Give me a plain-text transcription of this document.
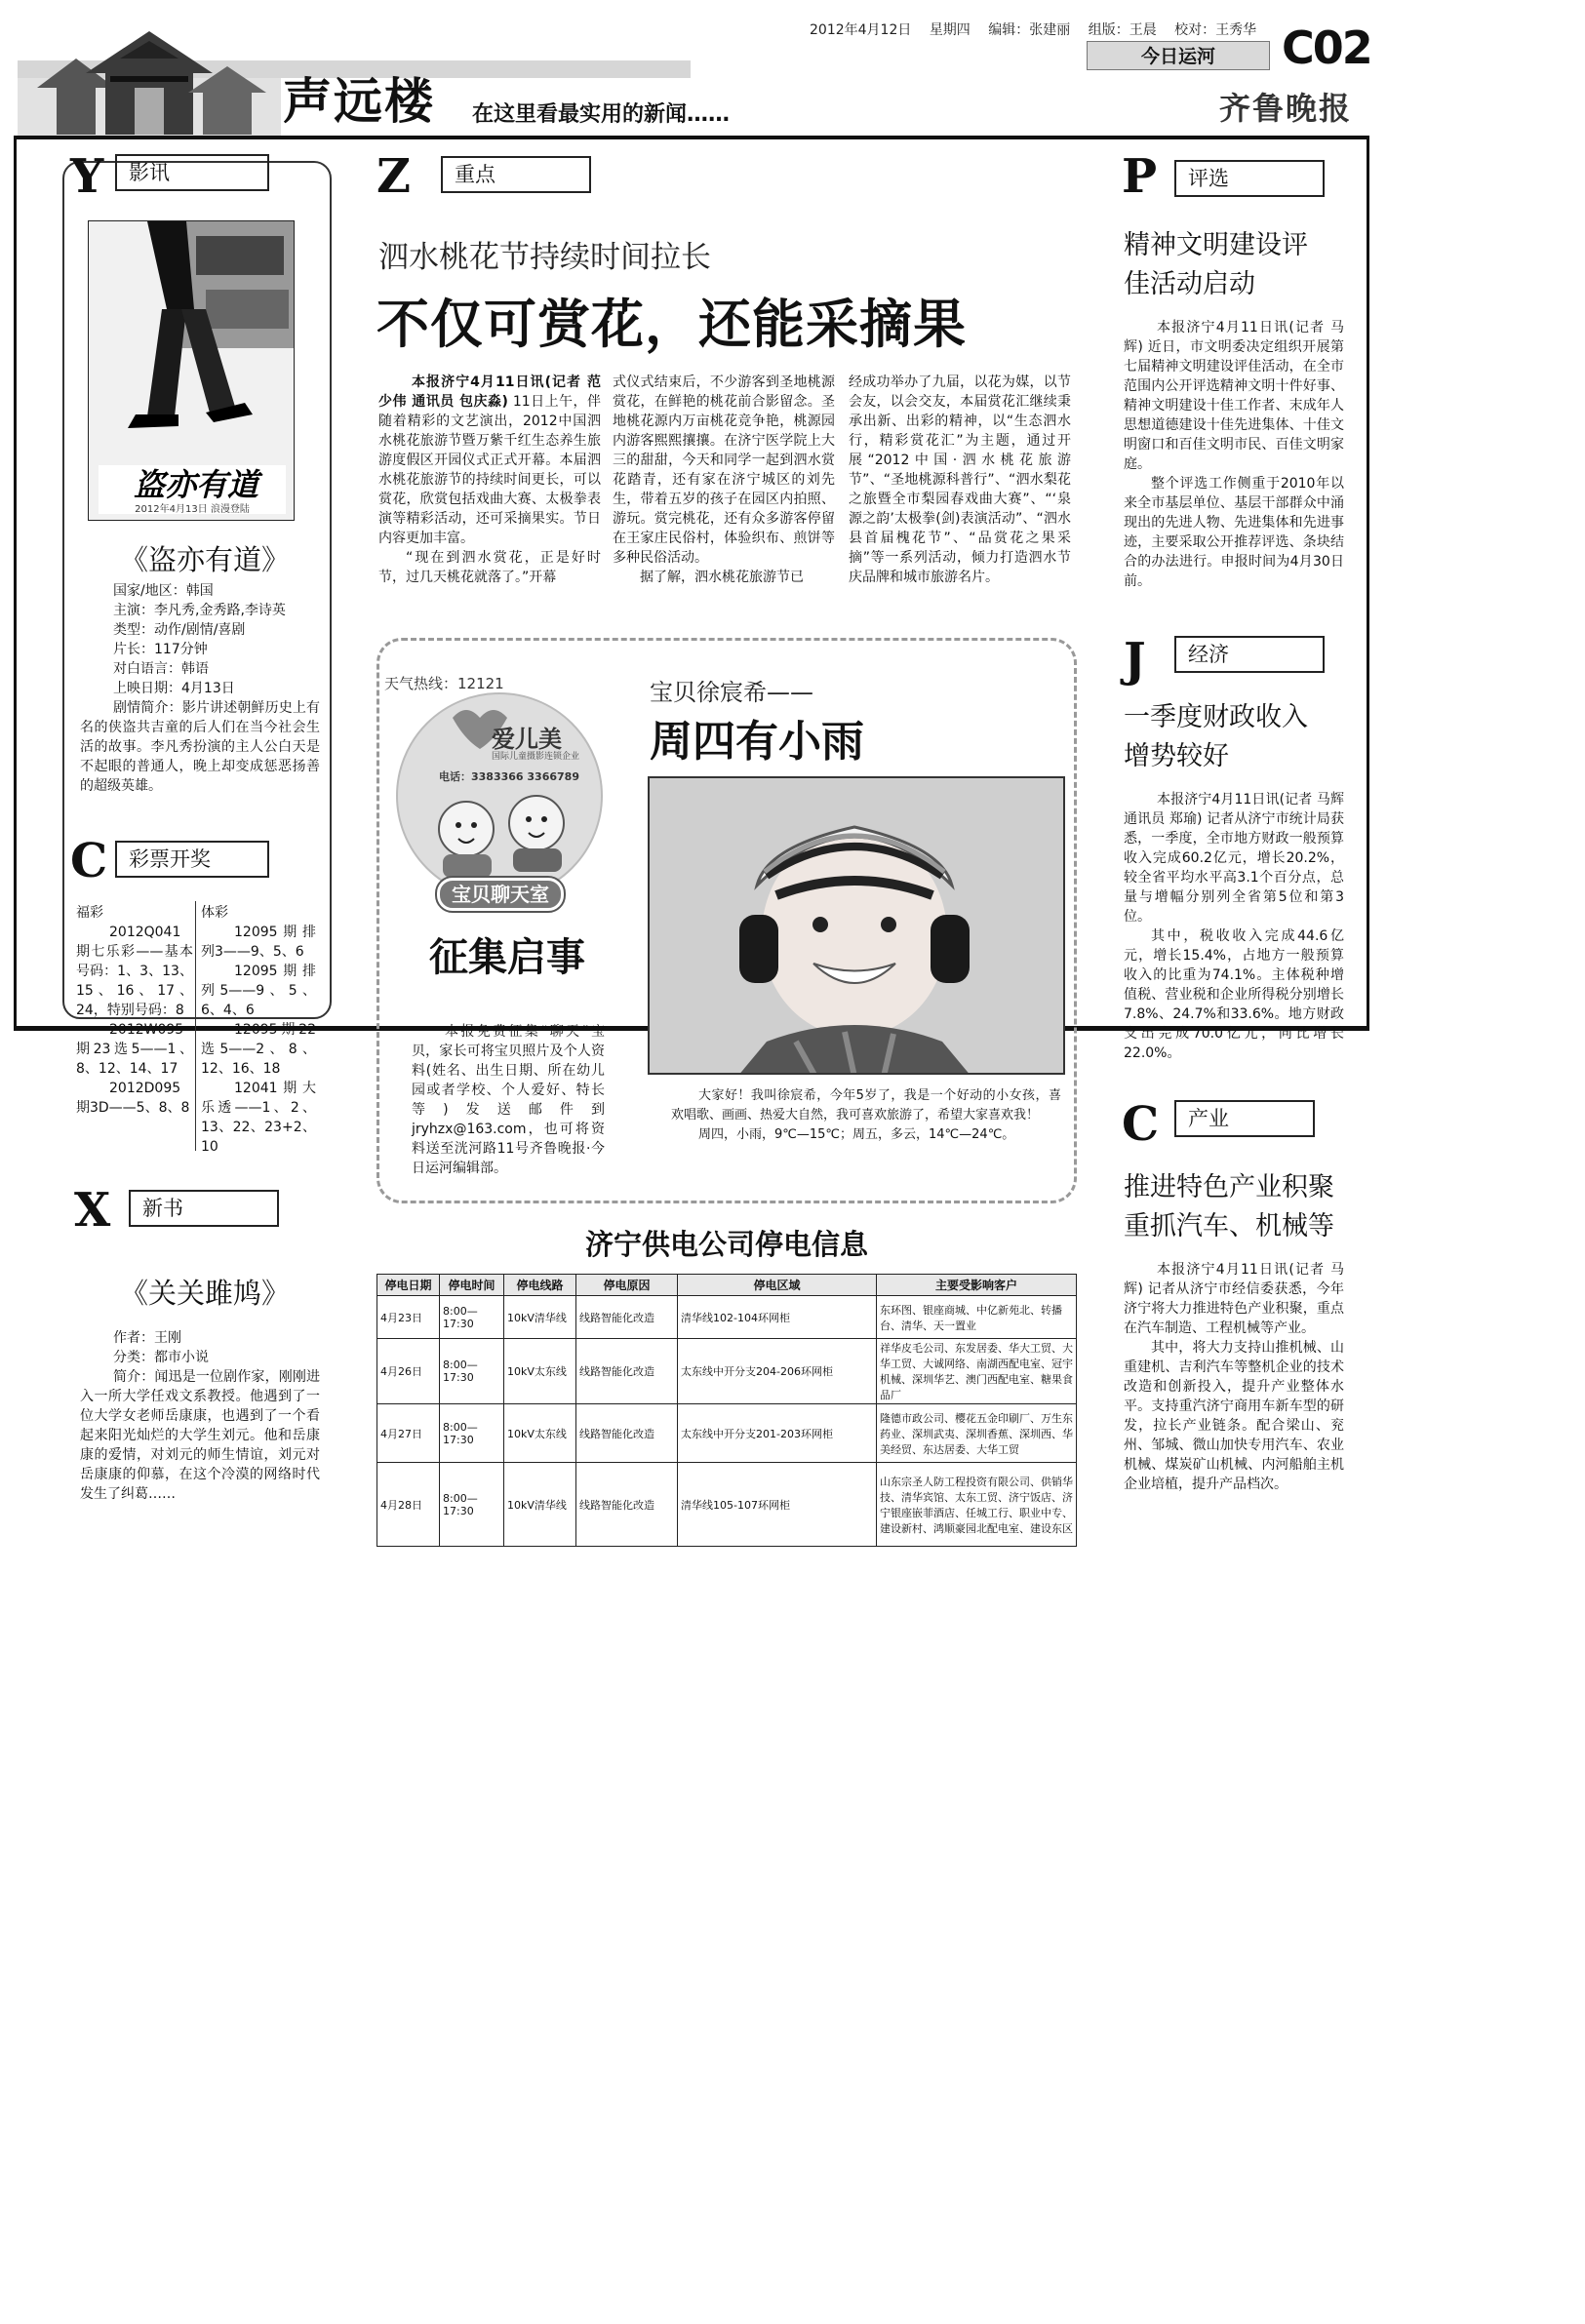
声远楼 在这里看最实用的新闻……
2012年4月12日 星期四 编辑：张建丽 组版：王晨 校对：王秀华
今日运河	C02
齐鲁晚报
Y	影讯
盗亦有道
2012年4月13日 浪漫登陆
《盗亦有道》
国家/地区：韩国
主演：李凡秀,金秀路,李诗英
类型：动作/剧情/喜剧
片长：117分钟
对白语言：韩语
上映日期：4月13日
剧情简介：影片讲述朝鲜历史上有名的侠盗共吉童的后人们在当今社会生活的故事。李凡秀扮演的主人公白天是不起眼的普通人，晚上却变成惩恶扬善的超级英雄。
C	彩票开奖
福彩
2012Q041期七乐彩——基本号码：1、3、13、15、16、17、24，特别号码：8
2012W095期23选5——1、8、12、14、17
2012D095期3D——5、8、8
体彩
12095期排列3——9、5、6
12095期排列5——9、5、6、4、6
12095期22选5——2、8、12、16、18
12041期大乐透——1、2、13、22、23+2、10
X	新书
《关关雎鸠》
作者：王刚
分类：都市小说
简介：闻迅是一位剧作家，刚刚进入一所大学任戏文系教授。他遇到了一位大学女老师岳康康，也遇到了一个看起来阳光灿烂的大学生刘元。他和岳康康的爱情，对刘元的师生情谊，刘元对岳康康的仰慕，在这个冷漠的网络时代发生了纠葛……
Z	重点
泗水桃花节持续时间拉长
不仅可赏花，还能采摘果
本报济宁4月11日讯(记者 范少伟 通讯员 包庆淼) 11日上午，伴随着精彩的文艺演出，2012中国泗水桃花旅游节暨万紫千红生态养生旅游度假区开园仪式正式开幕。本届泗水桃花旅游节的持续时间更长，可以赏花，欣赏包括戏曲大赛、太极拳表演等精彩活动，还可采摘果实。节日内容更加丰富。
“现在到泗水赏花，正是好时节，过几天桃花就落了。”开幕
式仪式结束后，不少游客到圣地桃源赏花，在鲜艳的桃花前合影留念。圣地桃花源内万亩桃花竞争艳，桃源园内游客熙熙攘攘。在济宁医学院上大三的甜甜，今天和同学一起到泗水赏花踏青，还有家在济宁城区的刘先生，带着五岁的孩子在园区内拍照、游玩。赏完桃花，还有众多游客停留在王家庄民俗村，体验织布、煎饼等多种民俗活动。
据了解，泗水桃花旅游节已
经成功举办了九届，以花为媒，以节会友，以会交友，本届赏花汇继续秉承出新、出彩的精神，以“生态泗水行，精彩赏花汇”为主题，通过开展“2012中国·泗水桃花旅游节”、“圣地桃源科普行”、“泗水梨花之旅暨全市梨园春戏曲大赛”、“‘泉源之韵’太极拳(剑)表演活动”、“泗水县首届槐花节”、“品赏花之果采摘”等一系列活动，倾力打造泗水节庆品牌和城市旅游名片。
天气热线：12121
爱儿美
国际儿童摄影连锁企业
电话：3383366 3366789
宝贝聊天室
征集启事
本报免费征集“聊天”宝贝，家长可将宝贝照片及个人资料(姓名、出生日期、所在幼儿园或者学校、个人爱好、特长等)发送邮件到jryhzx@163.com，也可将资料送至洸河路11号齐鲁晚报·今日运河编辑部。
宝贝徐宸希——
周四有小雨
大家好！我叫徐宸希，今年5岁了，我是一个好动的小女孩，喜欢唱歌、画画、热爱大自然，我可喜欢旅游了，希望大家喜欢我！
周四，小雨，9℃—15℃；周五，多云，14℃—24℃。
济宁供电公司停电信息
停电日期	停电时间	停电线路	停电原因	停电区域	主要受影响客户
4月23日	8:00—17:30	10kV清华线	线路智能化改造	清华线102-104环网柜	东环图、银座商城、中亿新苑北、转播台、清华、天一置业
4月26日	8:00—17:30	10kV太东线	线路智能化改造	太东线中开分支204-206环网柜	祥华皮毛公司、东发居委、华大工贸、大华工贸、大诚网络、南湖西配电室、冠宇机械、深圳华艺、澳门西配电室、糖果食品厂
4月27日	8:00—17:30	10kV太东线	线路智能化改造	太东线中开分支201-203环网柜	隆德市政公司、樱花五金印刷厂、万生东药业、深圳武夷、深圳香蕉、深圳西、华美经贸、东达居委、大华工贸
4月28日	8:00—17:30	10kV清华线	线路智能化改造	清华线105-107环网柜	山东宗圣人防工程投资有限公司、供销华技、清华宾馆、太东工贸、济宁饭店、济宁银座嵌菲酒店、任城工行、职业中专、建设新村、鸿顺豪园北配电室、建设东区
P	评选
精神文明建设评佳活动启动
本报济宁4月11日讯(记者 马辉) 近日，市文明委决定组织开展第七届精神文明建设评佳活动，在全市范围内公开评选精神文明十件好事、精神文明建设十佳工作者、末成年人思想道德建设十佳先进集体、十佳文明窗口和百佳文明市民、百佳文明家庭。
整个评选工作侧重于2010年以来全市基层单位、基层干部群众中涌现出的先进人物、先进集体和先进事迹，主要采取公开推荐评选、条块结合的办法进行。申报时间为4月30日前。
J	经济
一季度财政收入增势较好
本报济宁4月11日讯(记者 马辉 通讯员 郑瑜) 记者从济宁市统计局获悉，一季度，全市地方财政一般预算收入完成60.2亿元，增长20.2%，较全省平均水平高3.1个百分点，总量与增幅分别列全省第5位和第3位。
其中，税收收入完成44.6亿元，增长15.4%，占地方一般预算收入的比重为74.1%。主体税种增值税、营业税和企业所得税分别增长7.8%、24.7%和33.6%。地方财政支出完成70.0亿元，同比增长22.0%。
C	产业
推进特色产业积聚重抓汽车、机械等
本报济宁4月11日讯(记者 马辉) 记者从济宁市经信委获悉，今年济宁将大力推进特色产业积聚，重点在汽车制造、工程机械等产业。
其中，将大力支持山推机械、山重建机、吉利汽车等整机企业的技术改造和创新投入，提升产业整体水平。支持重汽济宁商用车新车型的研发，拉长产业链条。配合梁山、兖州、邹城、微山加快专用汽车、农业机械、煤炭矿山机械、内河船舶主机企业培植，提升产品档次。
